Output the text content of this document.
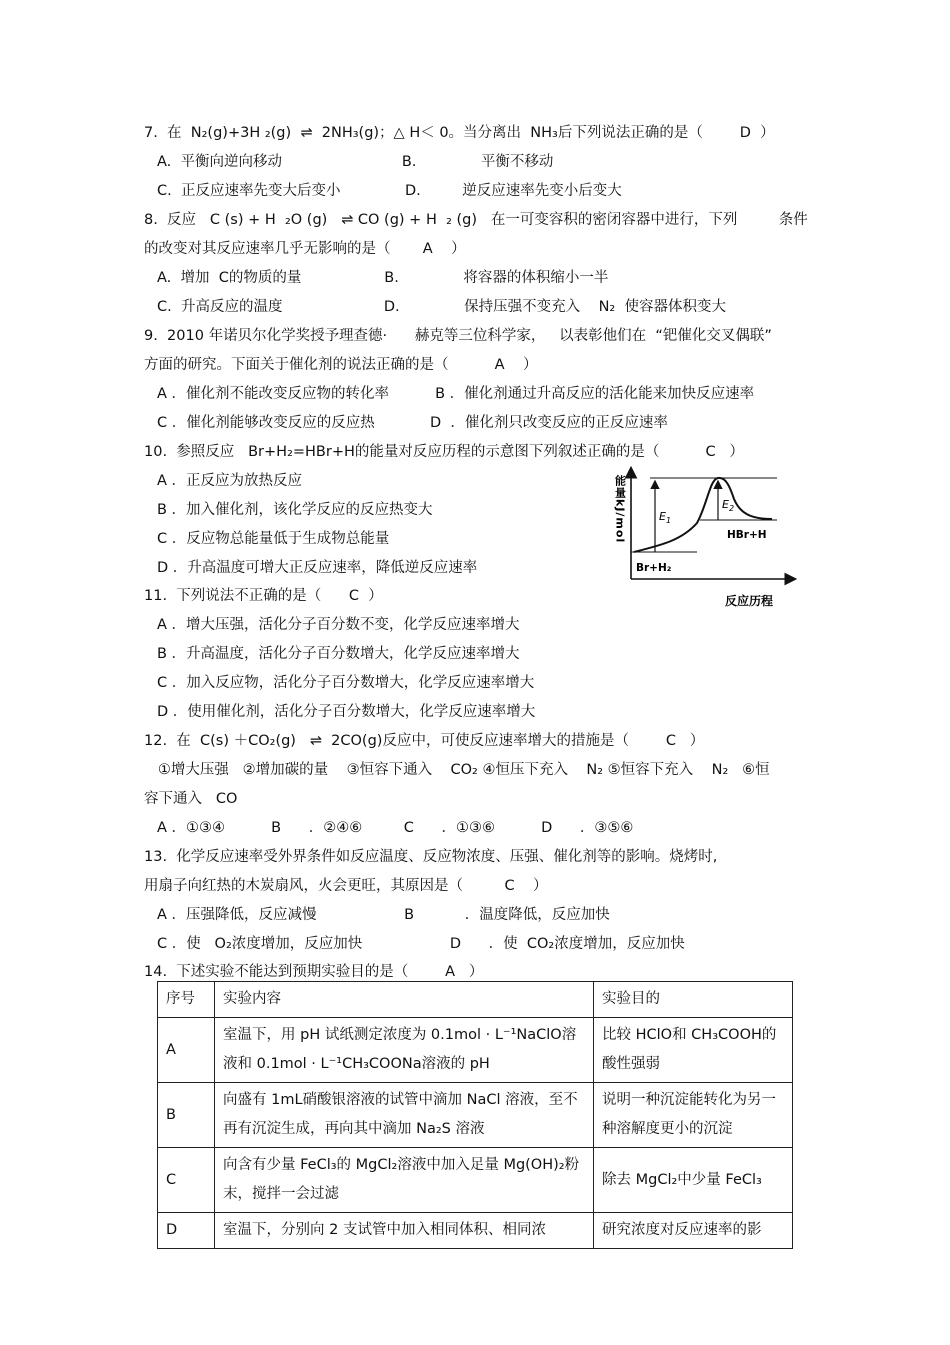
7.  在  N₂(g)+3H ₂(g)  ⇌  2NH₃(g)；△ H＜ 0。当分离出  NH₃后下列说法正确的是（        D  ）
A.  平衡向逆向移动                          B.              平衡不移动
C.  正反应速率先变大后变小              D.         逆反应速率先变小后变大
8.  反应   C (s) + H  ₂O (g)   ⇌ CO (g) + H  ₂ (g)   在一可变容积的密闭容器中进行，下列         条件
的改变对其反应速率几乎无影响的是（       A    ）
A.  增加  C的物质的量                  B.              将容器的体积缩小一半
C.  升高反应的温度                      D.              保持压强不变充入    N₂  使容器体积变大
9.  2010 年诺贝尔化学奖授予理查德·      赫克等三位科学家，   以表彰他们在  “钯催化交叉偶联”
方面的研究。下面关于催化剂的说法正确的是（          A    ）
A ．催化剂不能改变反应物的转化率          B ．催化剂通过升高反应的活化能来加快反应速率
C ．催化剂能够改变反应的反应热            D  ．催化剂只改变反应的正反应速率
10.  参照反应   Br+H₂=HBr+H的能量对反应历程的示意图下列叙述正确的是（          C   ）
A ．正反应为放热反应
B ．加入催化剂，该化学反应的反应热变大
C ．反应物总能量低于生成物总能量
D ．升高温度可增大正反应速率，降低逆反应速率
11.  下列说法不正确的是（      C  ）
A ．增大压强，活化分子百分数不变，化学反应速率增大
B ．升高温度，活化分子百分数增大，化学反应速率增大
C ．加入反应物，活化分子百分数增大，化学反应速率增大
D ．使用催化剂，活化分子百分数增大，化学反应速率增大
12.  在  C(s) ＋CO₂(g)   ⇌  2CO(g)反应中，可使反应速率增大的措施是（        C   ）
①增大压强   ②增加碳的量    ③恒容下通入    CO₂ ④恒压下充入    N₂ ⑤恒容下充入    N₂   ⑥恒
容下通入   CO
A ．①③④          B      ．②④⑥         C      ．①③⑥          D      ．③⑤⑥
13.  化学反应速率受外界条件如反应温度、反应物浓度、压强、催化剂等的影响。烧烤时,
用扇子向红热的木炭扇风，火会更旺，其原因是（         C    ）
A ．压强降低，反应减慢                   B           ．温度降低，反应加快
C ．使   O₂浓度增加，反应加快                   D      ．使  CO₂浓度增加，反应加快
14.  下述实验不能达到预期实验目的是（        A   ）
能量kJ/mol	$E_1$
$E_2$
HBr+H
Br+H₂
反应历程
序号	实验内容	实验目的
A	室温下，用 pH 试纸测定浓度为 0.1mol · L⁻¹NaClO溶液和 0.1mol · L⁻¹CH₃COONa溶液的 pH	比较 HClO和 CH₃COOH的酸性强弱
B	向盛有 1mL硝酸银溶液的试管中滴加 NaCl 溶液，至不再有沉淀生成，再向其中滴加 Na₂S 溶液	说明一种沉淀能转化为另一种溶解度更小的沉淀
C	向含有少量 FeCl₃的 MgCl₂溶液中加入足量 Mg(OH)₂粉末，搅拌一会过滤	除去 MgCl₂中少量 FeCl₃
D	室温下，分别向 2 支试管中加入相同体积、相同浓	研究浓度对反应速率的影
